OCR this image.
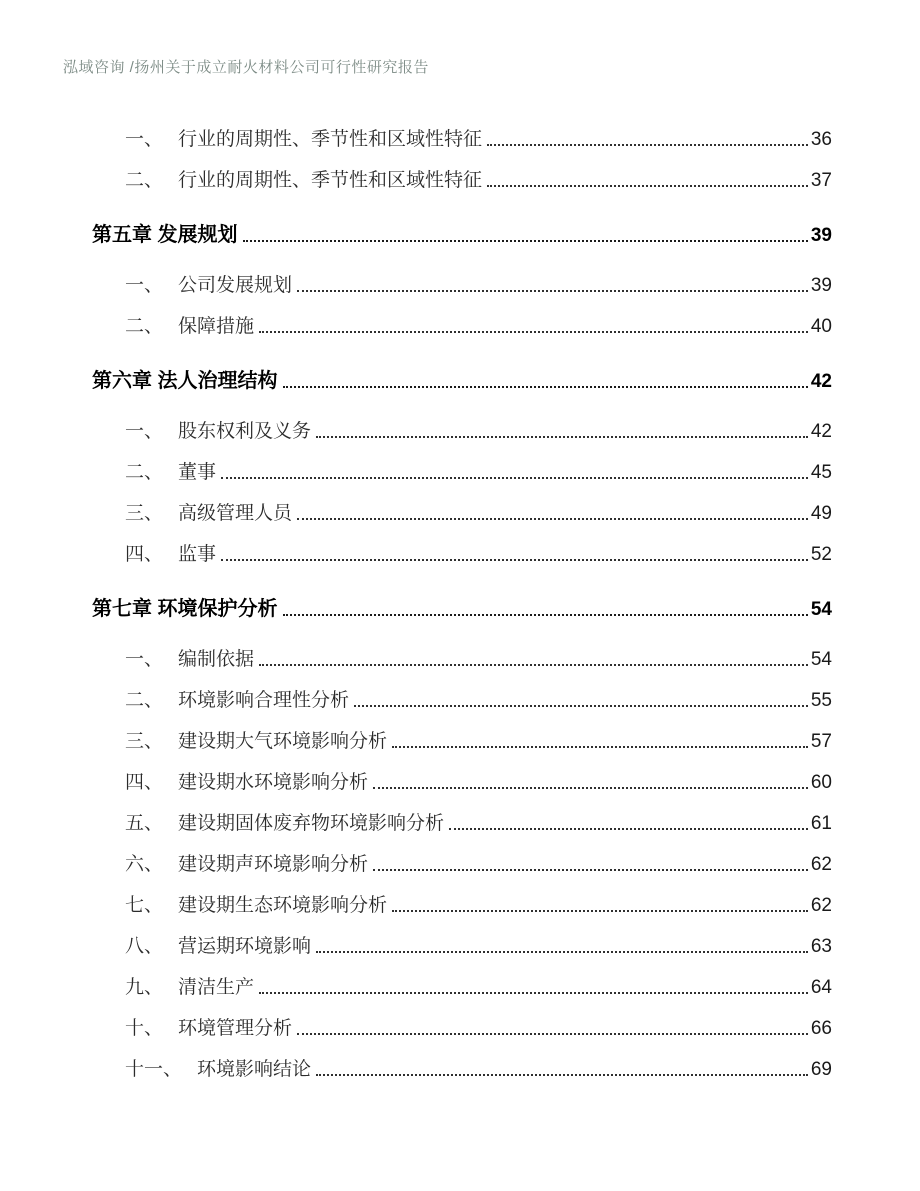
泓域咨询 /扬州关于成立耐火材料公司可行性研究报告
一、 行业的周期性、季节性和区域性特征	36
二、 行业的周期性、季节性和区域性特征	37
第五章 发展规划	39
一、 公司发展规划	39
二、 保障措施	40
第六章 法人治理结构	42
一、 股东权利及义务	42
二、 董事	45
三、 高级管理人员	49
四、 监事	52
第七章 环境保护分析	54
一、 编制依据	54
二、 环境影响合理性分析	55
三、 建设期大气环境影响分析	57
四、 建设期水环境影响分析	60
五、 建设期固体废弃物环境影响分析	61
六、 建设期声环境影响分析	62
七、 建设期生态环境影响分析	62
八、 营运期环境影响	63
九、 清洁生产	64
十、 环境管理分析	66
十一、 环境影响结论	69
